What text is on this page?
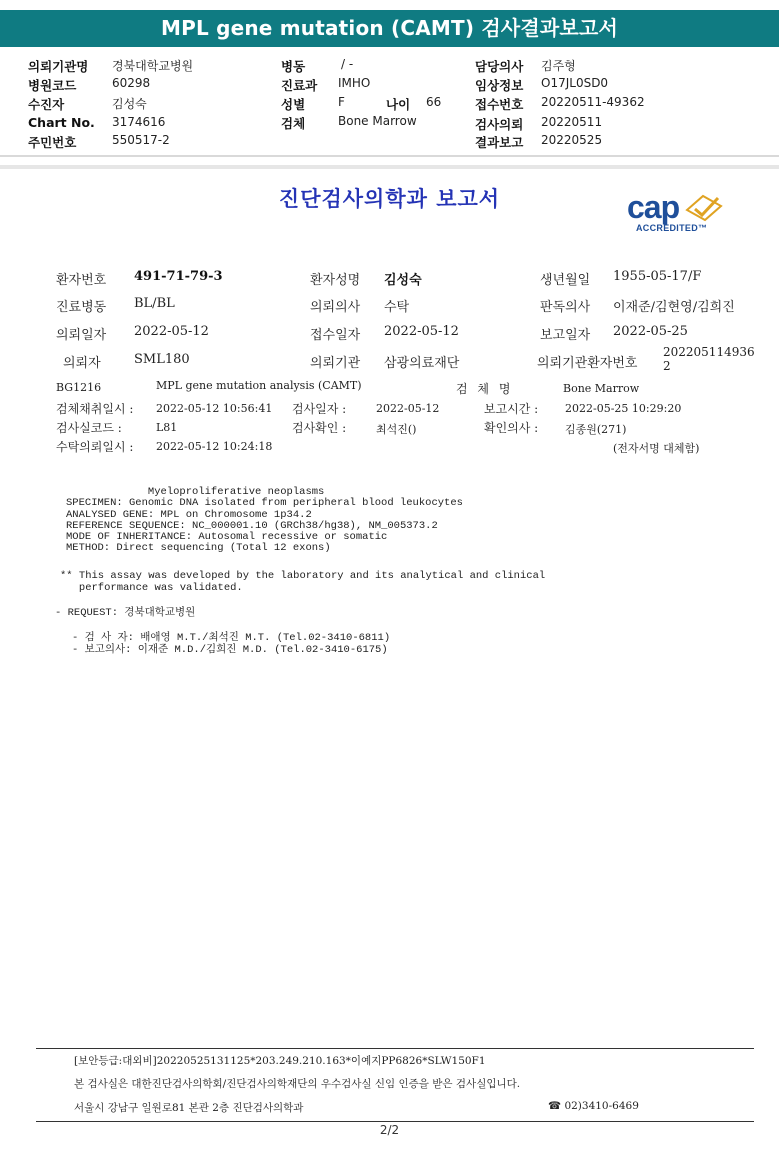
MPL gene mutation (CAMT) 검사결과보고서
의뢰기관명 경북대학교병원
병원코드	60298
수진자	김성숙
Chart No. 3174616
주민번호	550517-2
병동	/ -
진료과 IMHO
성별	F	나이 66
검체	Bone Marrow
담당의사 김주형
임상정보 O17JL0SD0
접수번호 20220511-49362
검사의뢰 20220511
결과보고 20220525
진단검사의학과 보고서	cap
ACCREDITED™
환자번호 491-71-79-3	환자성명 김성숙	생년월일 1955-05-17/F
진료병동 BL/BL	의뢰의사 수탁	판독의사 이재준/김현영/김희진
의뢰일자 2022-05-12	접수일자 2022-05-12	보고일자 2022-05-25
의뢰자	SML180	의뢰기관 삼광의료재단	의뢰기관환자번호
202205114936
2
BG1216	MPL gene mutation analysis (CAMT)	검 체 명	Bone Marrow
검체채취일시 : 2022-05-12 10:56:41 검사일자 :	2022-05-12	보고시간 : 2022-05-25 10:29:20
검사실코드 :	L81	검사확인 :	최석진()	확인의사 : 김종원(271)
수탁의뢰일시 : 2022-05-12 10:24:18	(전자서명 대체함)
Myeloproliferative neoplasms
SPECIMEN: Genomic DNA isolated from peripheral blood leukocytes
ANALYSED GENE: MPL on Chromosome 1p34.2
REFERENCE SEQUENCE: NC_000001.10 (GRCh38/hg38), NM_005373.2
MODE OF INHERITANCE: Autosomal recessive or somatic
METHOD: Direct sequencing (Total 12 exons)
** This assay was developed by the laboratory and its analytical and clinical
performance was validated.
- REQUEST: 경북대학교병원
- 검 사 자: 배애영 M.T./최석진 M.T. (Tel.02-3410-6811)
- 보고의사: 이재준 M.D./김희진 M.D. (Tel.02-3410-6175)
[보안등급:대외비]20220525131125*203.249.210.163*이예지PP6826*SLW150F1
본 검사실은 대한진단검사의학회/진단검사의학재단의 우수검사실 신임 인증을 받은 검사실입니다.
서울시 강남구 일원로81 본관 2층 진단검사의학과	☎ 02)3410-6469
2/2
